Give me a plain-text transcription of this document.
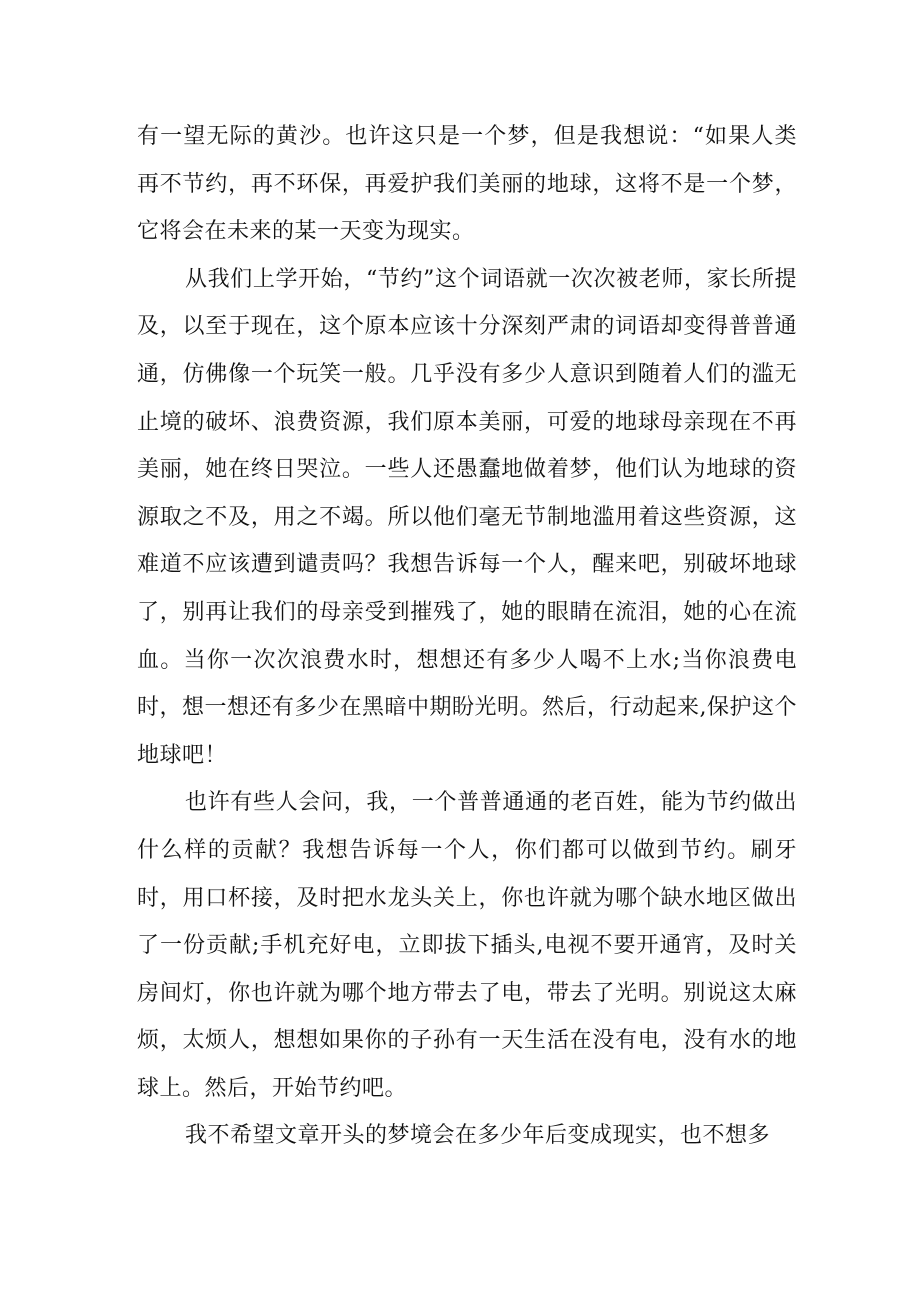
有一望无际的黄沙。也许这只是一个梦，但是我想说：“如果人类再不节约，再不环保，再爱护我们美丽的地球，这将不是一个梦，它将会在未来的某一天变为现实。

从我们上学开始，“节约”这个词语就一次次被老师，家长所提及，以至于现在，这个原本应该十分深刻严肃的词语却变得普普通通，仿佛像一个玩笑一般。几乎没有多少人意识到随着人们的滥无止境的破坏、浪费资源，我们原本美丽，可爱的地球母亲现在不再美丽，她在终日哭泣。一些人还愚蠢地做着梦，他们认为地球的资源取之不及，用之不竭。所以他们毫无节制地滥用着这些资源，这难道不应该遭到谴责吗？我想告诉每一个人，醒来吧，别破坏地球了，别再让我们的母亲受到摧残了，她的眼睛在流泪，她的心在流血。当你一次次浪费水时，想想还有多少人喝不上水;当你浪费电时，想一想还有多少在黑暗中期盼光明。然后，行动起来,保护这个地球吧！

也许有些人会问，我，一个普普通通的老百姓，能为节约做出什么样的贡献？我想告诉每一个人，你们都可以做到节约。刷牙时，用口杯接，及时把水龙头关上，你也许就为哪个缺水地区做出了一份贡献;手机充好电，立即拔下插头,电视不要开通宵，及时关房间灯，你也许就为哪个地方带去了电，带去了光明。别说这太麻烦，太烦人，想想如果你的子孙有一天生活在没有电，没有水的地球上。然后，开始节约吧。

我不希望文章开头的梦境会在多少年后变成现实，也不想多
